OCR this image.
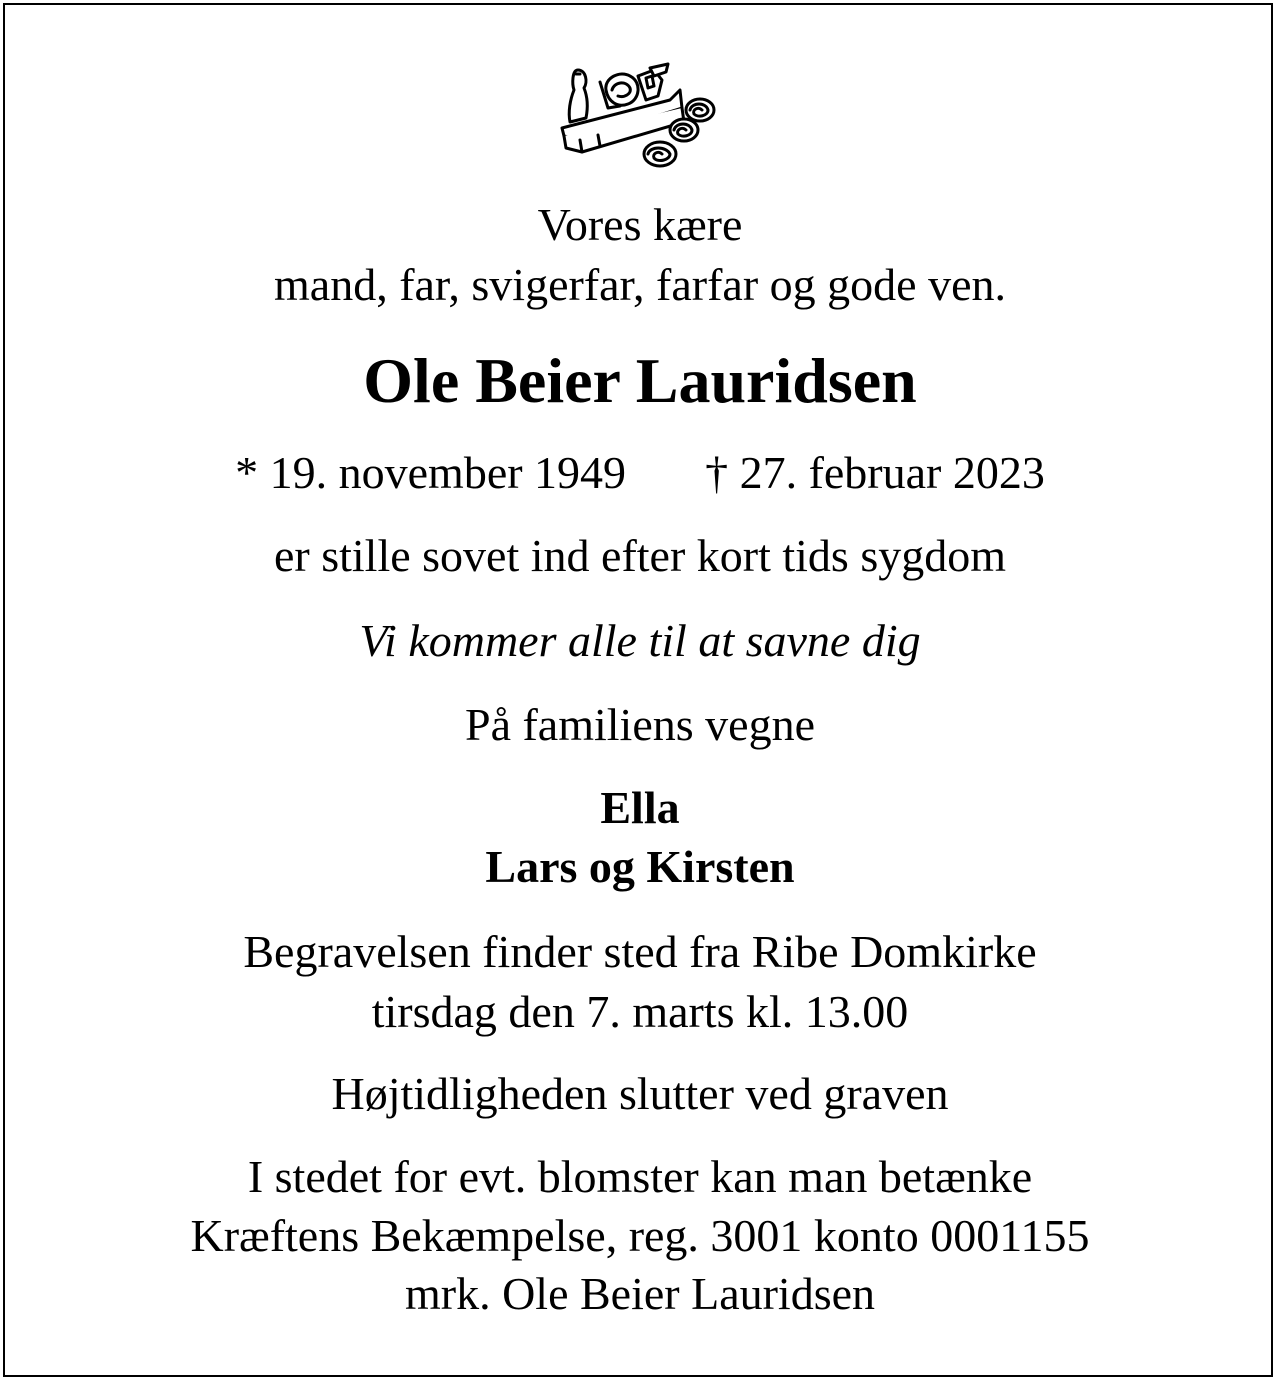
Vores kære
mand, far, svigerfar, farfar og gode ven.
Ole Beier Lauridsen
* 19. november 1949 † 27. februar 2023
er stille sovet ind efter kort tids sygdom
Vi kommer alle til at savne dig
På familiens vegne
Ella
Lars og Kirsten
Begravelsen finder sted fra Ribe Domkirke
tirsdag den 7. marts kl. 13.00
Højtidligheden slutter ved graven
I stedet for evt. blomster kan man betænke
Kræftens Bekæmpelse, reg. 3001 konto 0001155
mrk. Ole Beier Lauridsen
